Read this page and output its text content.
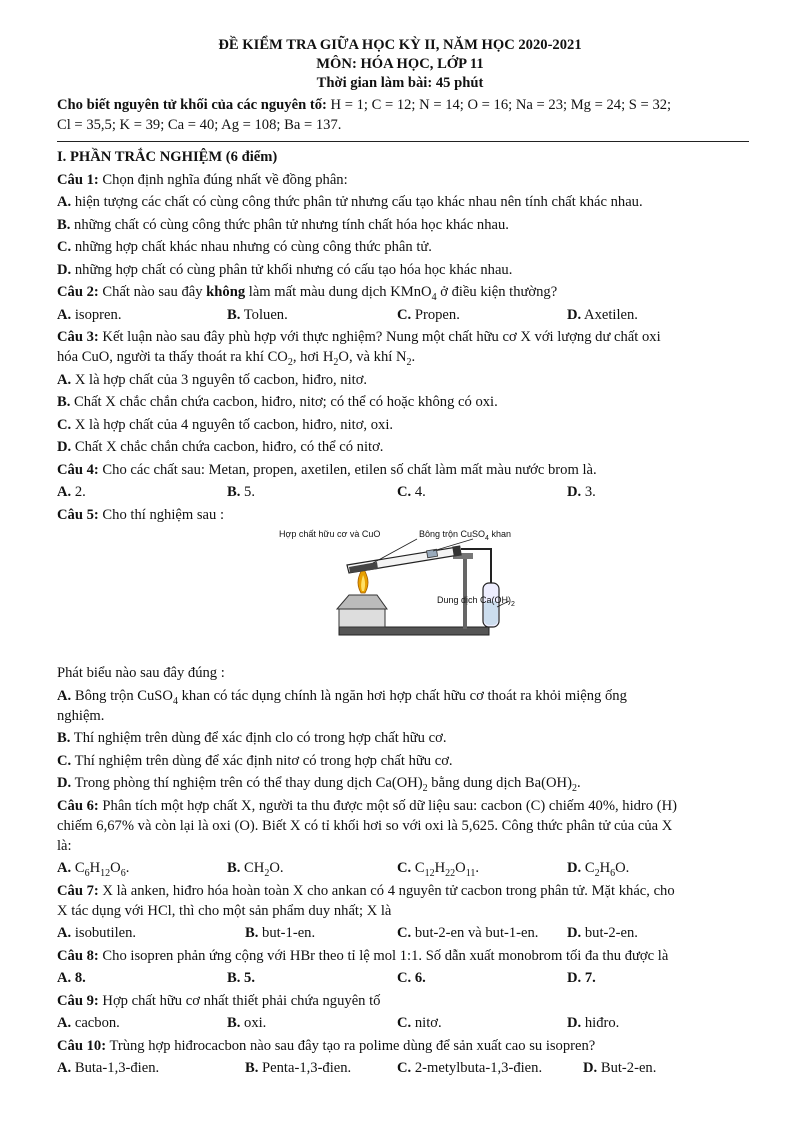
ĐỀ KIỂM TRA GIỮA HỌC KỲ II, NĂM HỌC 2020-2021
MÔN: HÓA HỌC, LỚP 11
Thời gian làm bài: 45 phút
Cho biết nguyên tử khối của các nguyên tố: H = 1; C = 12; N = 14; O = 16; Na = 23; Mg = 24; S = 32;
Cl = 35,5; K = 39; Ca = 40; Ag = 108; Ba = 137.
I. PHẦN TRẮC NGHIỆM (6 điểm)
Câu 1: Chọn định nghĩa đúng nhất về đồng phân:
A. hiện tượng các chất có cùng công thức phân tử nhưng cấu tạo khác nhau nên tính chất khác nhau.
B. những chất có cùng công thức phân tử nhưng tính chất hóa học khác nhau.
C. những hợp chất khác nhau nhưng có cùng công thức phân tử.
D. những hợp chất có cùng phân tử khối nhưng có cấu tạo hóa học khác nhau.
Câu 2: Chất nào sau đây không làm mất màu dung dịch KMnO$_4$ ở điều kiện thường?
A. isopren.	B. Toluen.	C. Propen.	D. Axetilen.
Câu 3: Kết luận nào sau đây phù hợp với thực nghiệm? Nung một chất hữu cơ X với lượng dư chất oxi
hóa CuO, người ta thấy thoát ra khí $CO_2$, hơi $H_2O$, và khí $N_2$.
A. X là hợp chất của 3 nguyên tố cacbon, hiđro, nitơ.
B. Chất X chắc chắn chứa cacbon, hiđro, nitơ; có thể có hoặc không có oxi.
C. X là hợp chất của 4 nguyên tố cacbon, hiđro, nitơ, oxi.
D. Chất X chắc chắn chứa cacbon, hiđro, có thể có nitơ.
Câu 4: Cho các chất sau: Metan, propen, axetilen, etilen số chất làm mất màu nước brom là.
A. 2.	B. 5.	C. 4.	D. 3.
Câu 5: Cho thí nghiệm sau :
Hợp chất hữu cơ và CuO	Bông trộn CuSO$_4$ khan
Dung dịch $Ca(OH)_2$
Phát biểu nào sau đây đúng :
A. Bông trộn CuSO$_4$ khan có tác dụng chính là ngăn hơi hợp chất hữu cơ thoát ra khỏi miệng ống
nghiệm.
B. Thí nghiệm trên dùng để xác định clo có trong hợp chất hữu cơ.
C. Thí nghiệm trên dùng để xác định nitơ có trong hợp chất hữu cơ.
D. Trong phòng thí nghiệm trên có thể thay dung dịch $Ca(OH)_2$ bằng dung dịch $Ba(OH)_2$.
Câu 6: Phân tích một hợp chất X, người ta thu được một số dữ liệu sau: cacbon (C) chiếm 40%, hidro (H)
chiếm 6,67% và còn lại là oxi (O). Biết X có tỉ khối hơi so với oxi là 5,625. Công thức phân tử của của X
là:
A. $C_6H_{12}O_6$.	B. $CH_2O$.	C. $C_{12}H_{22}O_{11}$.	D. $C_2H_6O$.
Câu 7: X là anken, hiđro hóa hoàn toàn X cho ankan có 4 nguyên tử cacbon trong phân tử. Mặt khác, cho
X tác dụng với HCl, thì cho một sản phẩm duy nhất; X là
A. isobutilen.	B. but-1-en.	C. but-2-en và but-1-en.	D. but-2-en.
Câu 8: Cho isopren phản ứng cộng với HBr theo tỉ lệ mol 1:1. Số dẫn xuất monobrom tối đa thu được là
A. 8.	B. 5.	C. 6.	D. 7.
Câu 9: Hợp chất hữu cơ nhất thiết phải chứa nguyên tố
A. cacbon.	B. oxi.	C. nitơ.	D. hiđro.
Câu 10: Trùng hợp hiđrocacbon nào sau đây tạo ra polime dùng để sản xuất cao su isopren?
A. Buta-1,3-đien.	B. Penta-1,3-đien.	C. 2-metylbuta-1,3-đien.	D. But-2-en.
